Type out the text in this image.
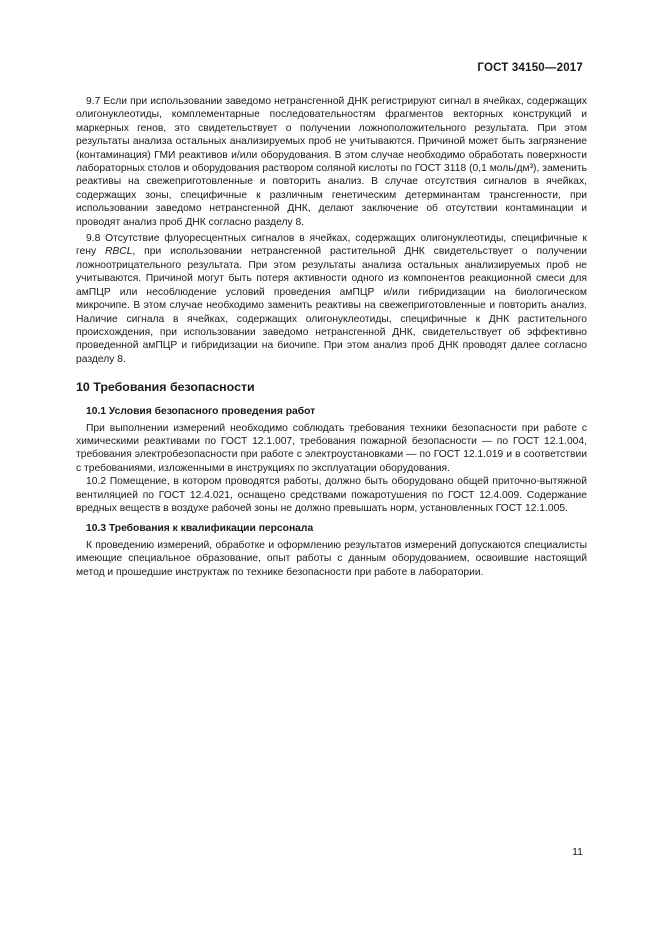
ГОСТ 34150—2017

9.7 Если при использовании заведомо нетрансгенной ДНК регистрируют сигнал в ячейках, содержащих олигонуклеотиды, комплементарные последовательностям фрагментов векторных конструкций и маркерных генов, это свидетельствует о получении ложноположительного результата. При этом результаты анализа остальных анализируемых проб не учитываются. Причиной может быть загрязнение (контаминация) ГМИ реактивов и/или оборудования. В этом случае необходимо обработать поверхности лабораторных столов и оборудования раствором соляной кислоты по ГОСТ 3118 (0,1 моль/дм³), заменить реактивы на свежеприготовленные и повторить анализ. В случае отсутствия сигналов в ячейках, содержащих зоны, специфичные к различным генетическим детерминантам трансгенности, при использовании заведомо нетрансгенной ДНК, делают заключение об отсутствии контаминации и проводят анализ проб ДНК согласно разделу 8.

9.8 Отсутствие флуоресцентных сигналов в ячейках, содержащих олигонуклеотиды, специфичные к гену RBCL, при использовании нетрансгенной растительной ДНК свидетельствует о получении ложноотрицательного результата. При этом результаты анализа остальных анализируемых проб не учитываются. Причиной могут быть потеря активности одного из компонентов реакционной смеси для амПЦР или несоблюдение условий проведения амПЦР и/или гибридизации на биологическом микрочипе. В этом случае необходимо заменить реактивы на свежеприготовленные и повторить анализ. Наличие сигнала в ячейках, содержащих олигонуклеотиды, специфичные к ДНК растительного происхождения, при использовании заведомо нетрансгенной ДНК, свидетельствует об эффективно проведенной амПЦР и гибридизации на биочипе. При этом анализ проб ДНК проводят далее согласно разделу 8.

10 Требования безопасности
10.1 Условия безопасного проведения работ

При выполнении измерений необходимо соблюдать требования техники безопасности при работе с химическими реактивами по ГОСТ 12.1.007, требования пожарной безопасности — по ГОСТ 12.1.004, требования электробезопасности при работе с электроустановками — по ГОСТ 12.1.019 и в соответствии с требованиями, изложенными в инструкциях по эксплуатации оборудования.

10.2 Помещение, в котором проводятся работы, должно быть оборудовано общей приточно-вытяжной вентиляцией по ГОСТ 12.4.021, оснащено средствами пожаротушения по ГОСТ 12.4.009. Содержание вредных веществ в воздухе рабочей зоны не должно превышать норм, установленных ГОСТ 12.1.005.

10.3 Требования к квалификации персонала

К проведению измерений, обработке и оформлению результатов измерений допускаются специалисты имеющие специальное образование, опыт работы с данным оборудованием, освоившие настоящий метод и прошедшие инструктаж по технике безопасности при работе в лаборатории.

11
